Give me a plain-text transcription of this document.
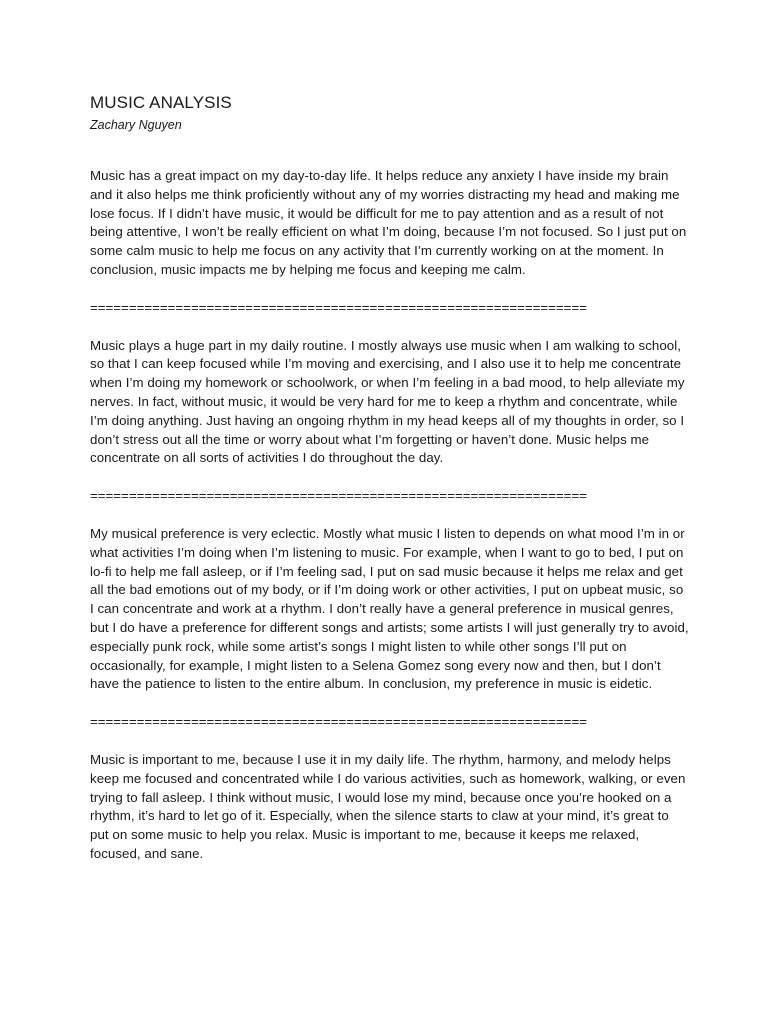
MUSIC ANALYSIS

Zachary Nguyen

Music has a great impact on my day-to-day life. It helps reduce any anxiety I have inside my brain and it also helps me think proficiently without any of my worries distracting my head and making me lose focus. If I didn’t have music, it would be difficult for me to pay attention and as a result of not being attentive, I won’t be really efficient on what I’m doing, because I’m not focused. So I just put on some calm music to help me focus on any activity that I’m currently working on at the moment. In conclusion, music impacts me by helping me focus and keeping me calm.

================================================================

Music plays a huge part in my daily routine. I mostly always use music when I am walking to school, so that I can keep focused while I’m moving and exercising, and I also use it to help me concentrate when I’m doing my homework or schoolwork, or when I’m feeling in a bad mood, to help alleviate my nerves. In fact, without music, it would be very hard for me to keep a rhythm and concentrate, while I’m doing anything. Just having an ongoing rhythm in my head keeps all of my thoughts in order, so I don’t stress out all the time or worry about what I’m forgetting or haven’t done. Music helps me concentrate on all sorts of activities I do throughout the day.

================================================================

My musical preference is very eclectic. Mostly what music I listen to depends on what mood I’m in or what activities I’m doing when I’m listening to music. For example, when I want to go to bed, I put on lo-fi to help me fall asleep, or if I’m feeling sad, I put on sad music because it helps me relax and get all the bad emotions out of my body, or if I’m doing work or other activities, I put on upbeat music, so I can concentrate and work at a rhythm. I don’t really have a general preference in musical genres, but I do have a preference for different songs and artists; some artists I will just generally try to avoid, especially punk rock, while some artist’s songs I might listen to while other songs I’ll put on occasionally, for example, I might listen to a Selena Gomez song every now and then, but I don’t have the patience to listen to the entire album. In conclusion, my preference in music is eidetic.

================================================================

Music is important to me, because I use it in my daily life. The rhythm, harmony, and melody helps keep me focused and concentrated while I do various activities, such as homework, walking, or even trying to fall asleep. I think without music, I would lose my mind, because once you’re hooked on a rhythm, it’s hard to let go of it. Especially, when the silence starts to claw at your mind, it’s great to put on some music to help you relax. Music is important to me, because it keeps me relaxed, focused, and sane.
